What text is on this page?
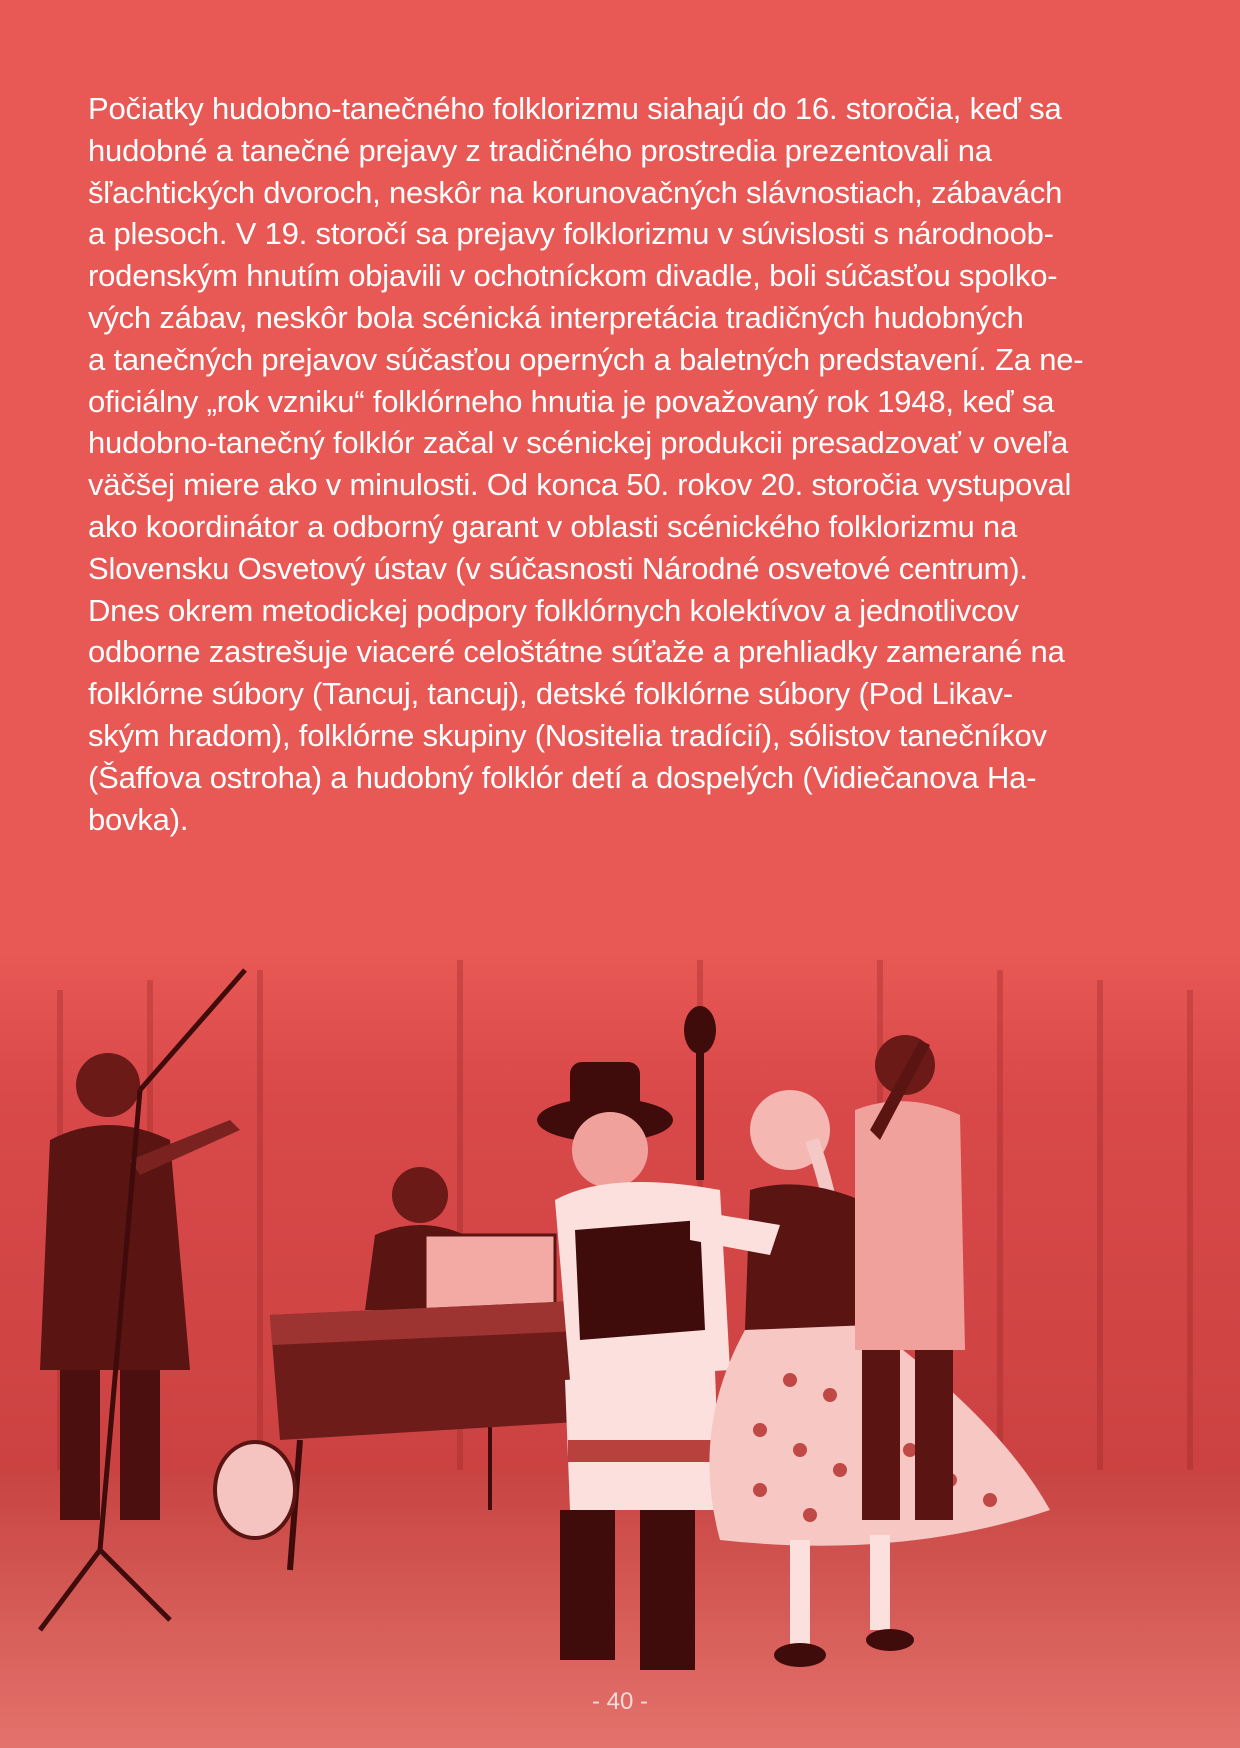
Počiatky hudobno-tanečného folklorizmu siahajú do 16. storočia, keď sa
hudobné a tanečné prejavy z tradičného prostredia prezentovali na
šľachtických dvoroch, neskôr na korunovačných slávnostiach, zábavách
a plesoch. V 19. storočí sa prejavy folklorizmu v súvislosti s národnoob-
rodenským hnutím objavili v ochotníckom divadle, boli súčasťou spolko-
vých zábav, neskôr bola scénická interpretácia tradičných hudobných
a tanečných prejavov súčasťou operných a baletných predstavení. Za ne-
oficiálny „rok vzniku“ folklórneho hnutia je považovaný rok 1948, keď sa
hudobno-tanečný folklór začal v scénickej produkcii presadzovať v oveľa
väčšej miere ako v minulosti. Od konca 50. rokov 20. storočia vystupoval
ako koordinátor a odborný garant v oblasti scénického folklorizmu na
Slovensku Osvetový ústav (v súčasnosti Národné osvetové centrum).
Dnes okrem metodickej podpory folklórnych kolektívov a jednotlivcov
odborne zastrešuje viaceré celoštátne súťaže a prehliadky zamerané na
folklórne súbory (Tancuj, tancuj), detské folklórne súbory (Pod Likav-
ským hradom), folklórne skupiny (Nositelia tradícií), sólistov tanečníkov
(Šaffova ostroha) a hudobný folklór detí a dospelých (Vidiečanova Ha-
bovka).
- 40 -
